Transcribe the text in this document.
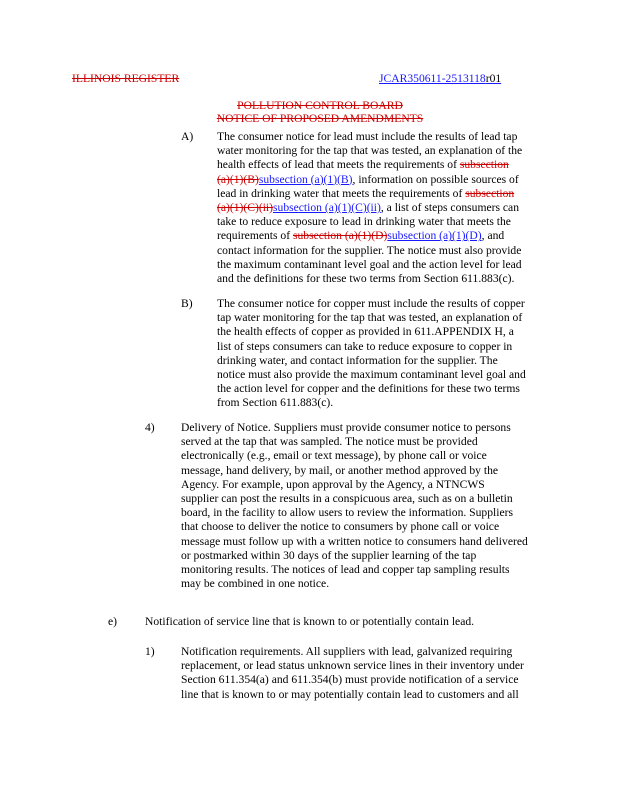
ILLINOIS REGISTER	JCAR350611-2513118r01
POLLUTION CONTROL BOARD
NOTICE OF PROPOSED AMENDMENTS
A) The consumer notice for lead must include the results of lead tap

water monitoring for the tap that was tested, an explanation of the

health effects of lead that meets the requirements of subsection

(a)(1)(B)subsection (a)(1)(B), information on possible sources of

lead in drinking water that meets the requirements of subsection

(a)(1)(C)(ii)subsection (a)(1)(C)(ii), a list of steps consumers can

take to reduce exposure to lead in drinking water that meets the

requirements of subsection (a)(1)(D)subsection (a)(1)(D), and

contact information for the supplier. The notice must also provide

the maximum contaminant level goal and the action level for lead

and the definitions for these two terms from Section 611.883(c).

B) The consumer notice for copper must include the results of copper

tap water monitoring for the tap that was tested, an explanation of

the health effects of copper as provided in 611.APPENDIX H, a

list of steps consumers can take to reduce exposure to copper in

drinking water, and contact information for the supplier. The

notice must also provide the maximum contaminant level goal and

the action level for copper and the definitions for these two terms

from Section 611.883(c).

4) Delivery of Notice. Suppliers must provide consumer notice to persons

served at the tap that was sampled. The notice must be provided

electronically (e.g., email or text message), by phone call or voice

message, hand delivery, by mail, or another method approved by the

Agency. For example, upon approval by the Agency, a NTNCWS

supplier can post the results in a conspicuous area, such as on a bulletin

board, in the facility to allow users to review the information. Suppliers

that choose to deliver the notice to consumers by phone call or voice

message must follow up with a written notice to consumers hand delivered

or postmarked within 30 days of the supplier learning of the tap

monitoring results. The notices of lead and copper tap sampling results

may be combined in one notice.

e) Notification of service line that is known to or potentially contain lead.

1) Notification requirements. All suppliers with lead, galvanized requiring

replacement, or lead status unknown service lines in their inventory under

Section 611.354(a) and 611.354(b) must provide notification of a service

line that is known to or may potentially contain lead to customers and all
